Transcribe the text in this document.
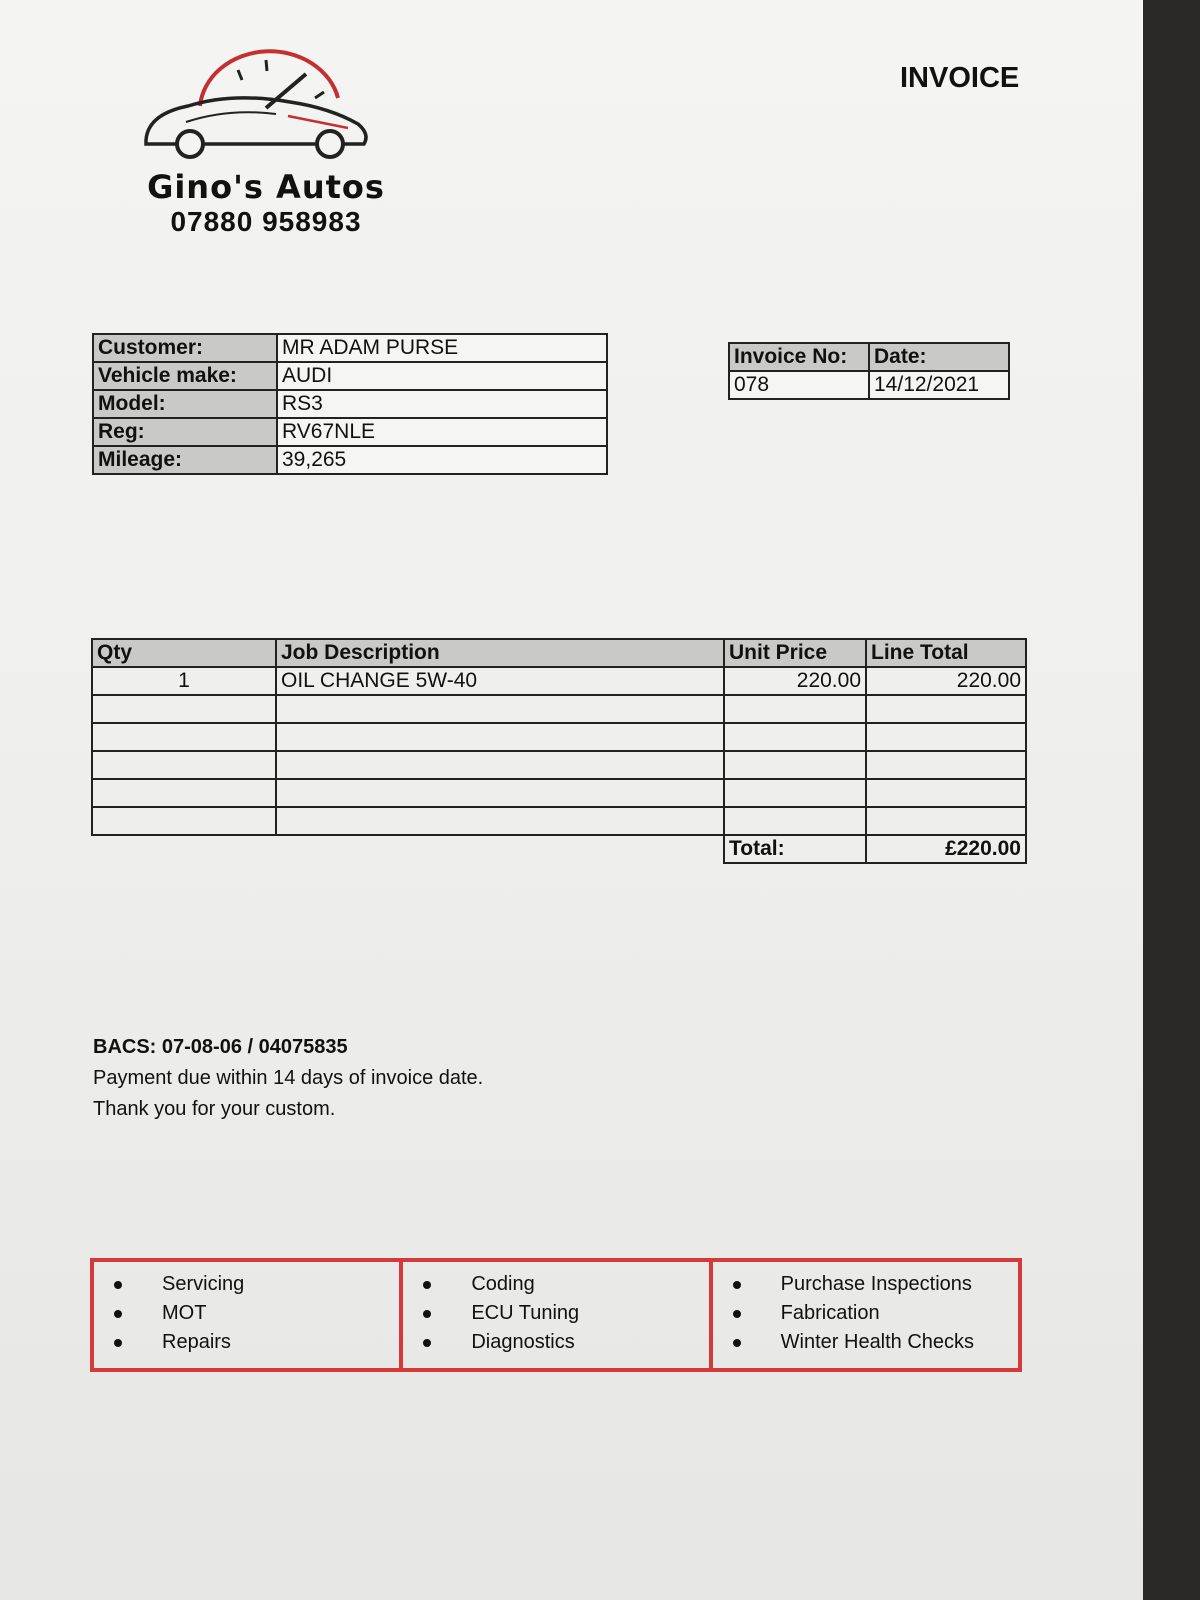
Gino's Autos
07880 958983
INVOICE
Customer:	MR ADAM PURSE
Vehicle make:	AUDI
Model:	RS3
Reg:	RV67NLE
Mileage:	39,265
Invoice No:	Date:
078	14/12/2021
Qty	Job Description	Unit Price	Line Total
1	OIL CHANGE 5W-40	220.00	220.00

		Total:	£220.00
BACS: 07-08-06 / 04075835
Payment due within 14 days of invoice date.
Thank you for your custom.
Servicing
MOT
Repairs
Coding
ECU Tuning
Diagnostics
Purchase Inspections
Fabrication
Winter Health Checks
